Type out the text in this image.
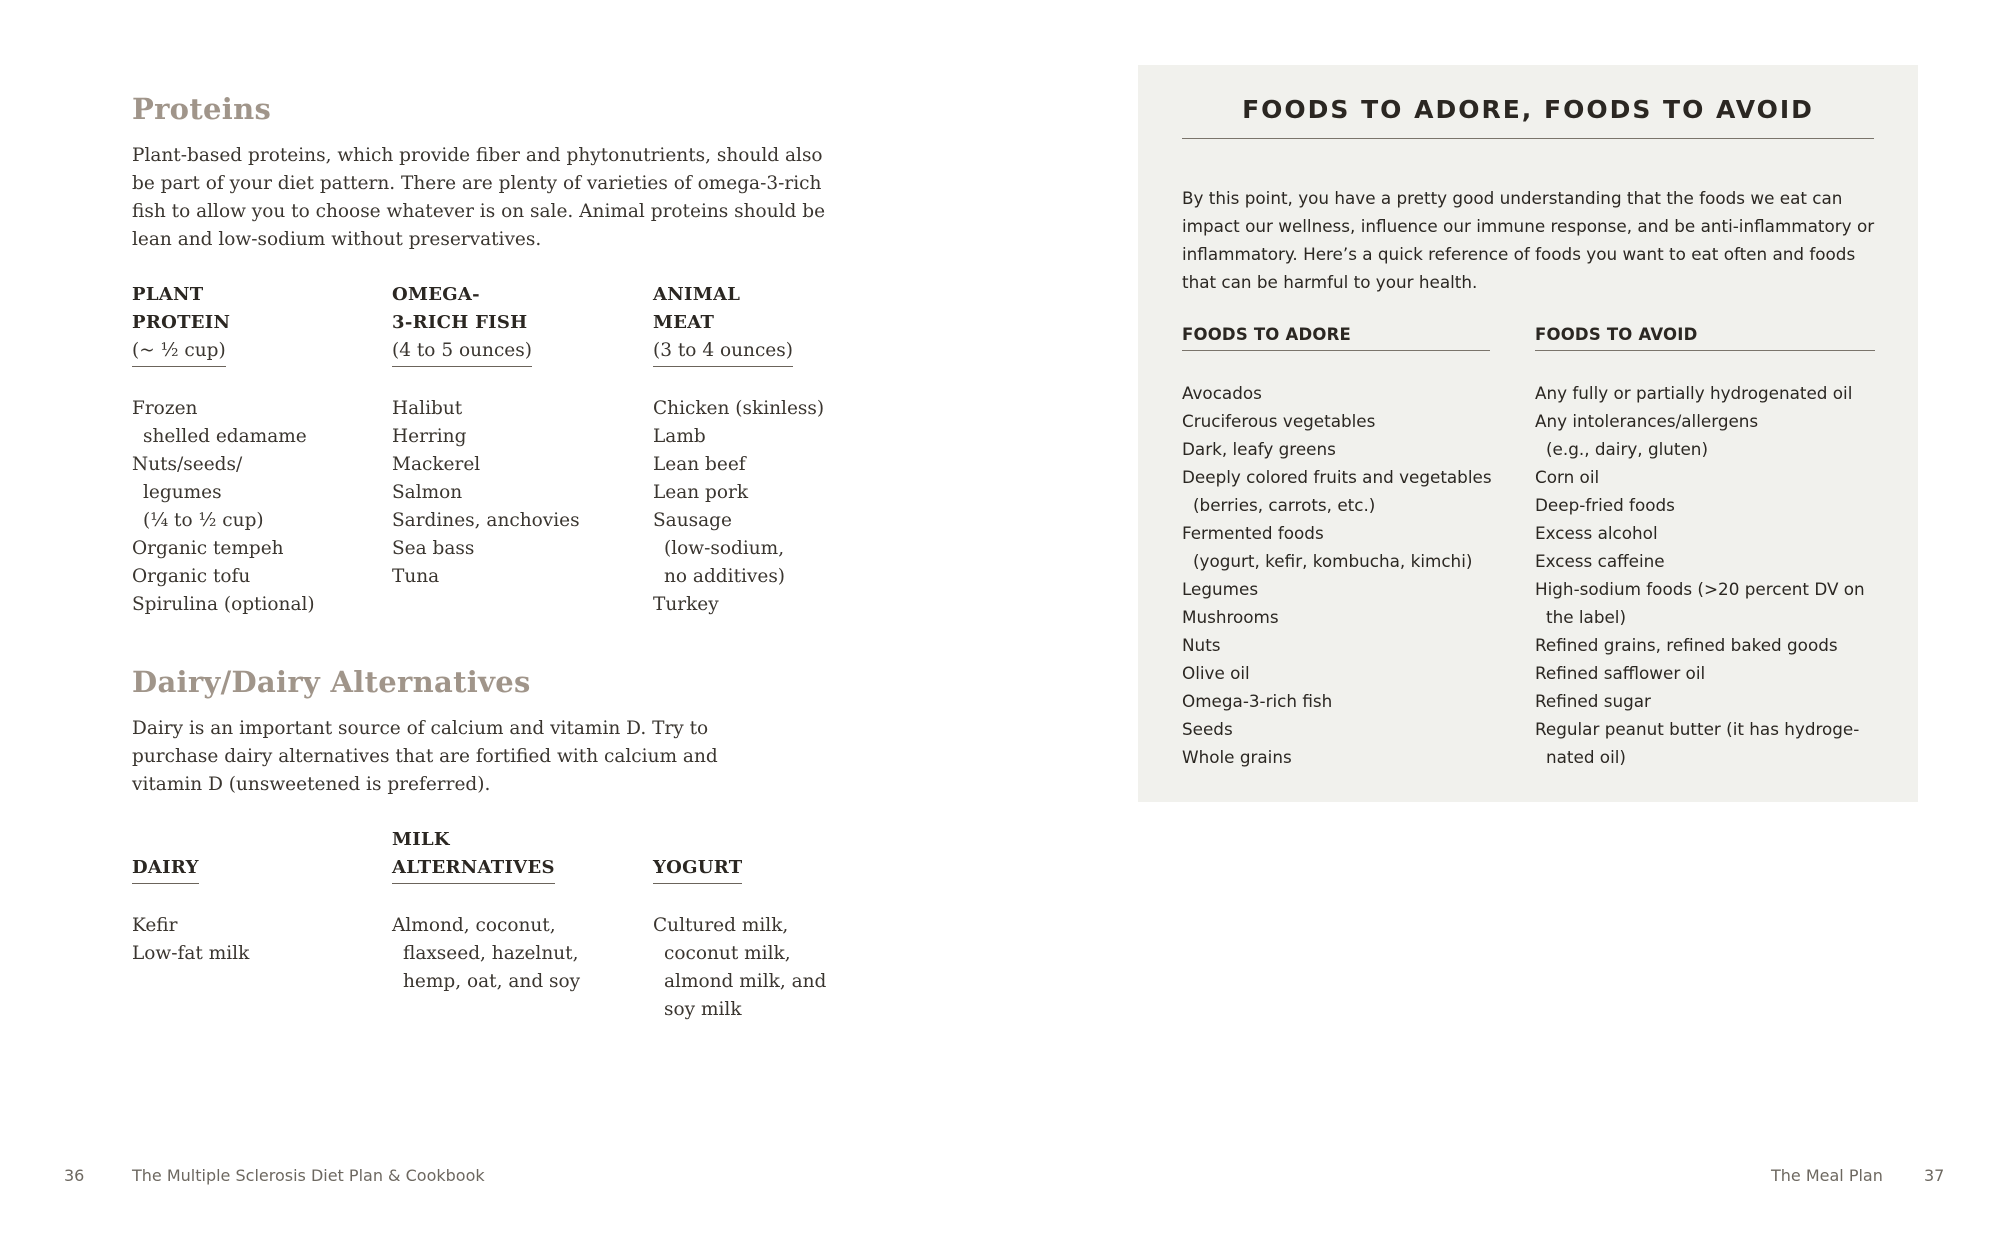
Proteins

Plant-based proteins, which provide fiber and phytonutrients, should also be part of your diet pattern. There are plenty of varieties of omega-3-rich fish to allow you to choose whatever is on sale. Animal proteins should be lean and low-sodium without preservatives.

PLANT
PROTEIN
(~ ½ cup)
Frozen
shelled edamame
Nuts/seeds/
legumes
(¼ to ½ cup)
Organic tempeh
Organic tofu
Spirulina (optional)
OMEGA-
3-RICH FISH
(4 to 5 ounces)
Halibut
Herring
Mackerel
Salmon
Sardines, anchovies
Sea bass
Tuna
ANIMAL
MEAT
(3 to 4 ounces)
Chicken (skinless)
Lamb
Lean beef
Lean pork
Sausage
(low-sodium,
no additives)
Turkey
Dairy/Dairy Alternatives

Dairy is an important source of calcium and vitamin D. Try to purchase dairy alternatives that are fortified with calcium and vitamin D (unsweetened is preferred).

DAIRY
Kefir
Low-fat milk
MILK
ALTERNATIVES
Almond, coconut,
flaxseed, hazelnut,
hemp, oat, and soy

YOGURT
Cultured milk,
coconut milk,
almond milk, and
soy milk
36	The Multiple Sclerosis Diet Plan & Cookbook
FOODS TO ADORE, FOODS TO AVOID

By this point, you have a pretty good understanding that the foods we eat can impact our wellness, influence our immune response, and be anti-inflammatory or inflammatory. Here’s a quick reference of foods you want to eat often and foods that can be harmful to your health.

FOODS TO ADORE
Avocados
Cruciferous vegetables
Dark, leafy greens
Deeply colored fruits and vegetables
(berries, carrots, etc.)
Fermented foods
(yogurt, kefir, kombucha, kimchi)
Legumes
Mushrooms
Nuts
Olive oil
Omega-3-rich fish
Seeds
Whole grains
FOODS TO AVOID
Any fully or partially hydrogenated oil
Any intolerances/allergens
(e.g., dairy, gluten)
Corn oil
Deep-fried foods
Excess alcohol
Excess caffeine
High-sodium foods (>20 percent DV on
the label)
Refined grains, refined baked goods
Refined safflower oil
Refined sugar
Regular peanut butter (it has hydroge-
nated oil)
The Meal Plan	37
